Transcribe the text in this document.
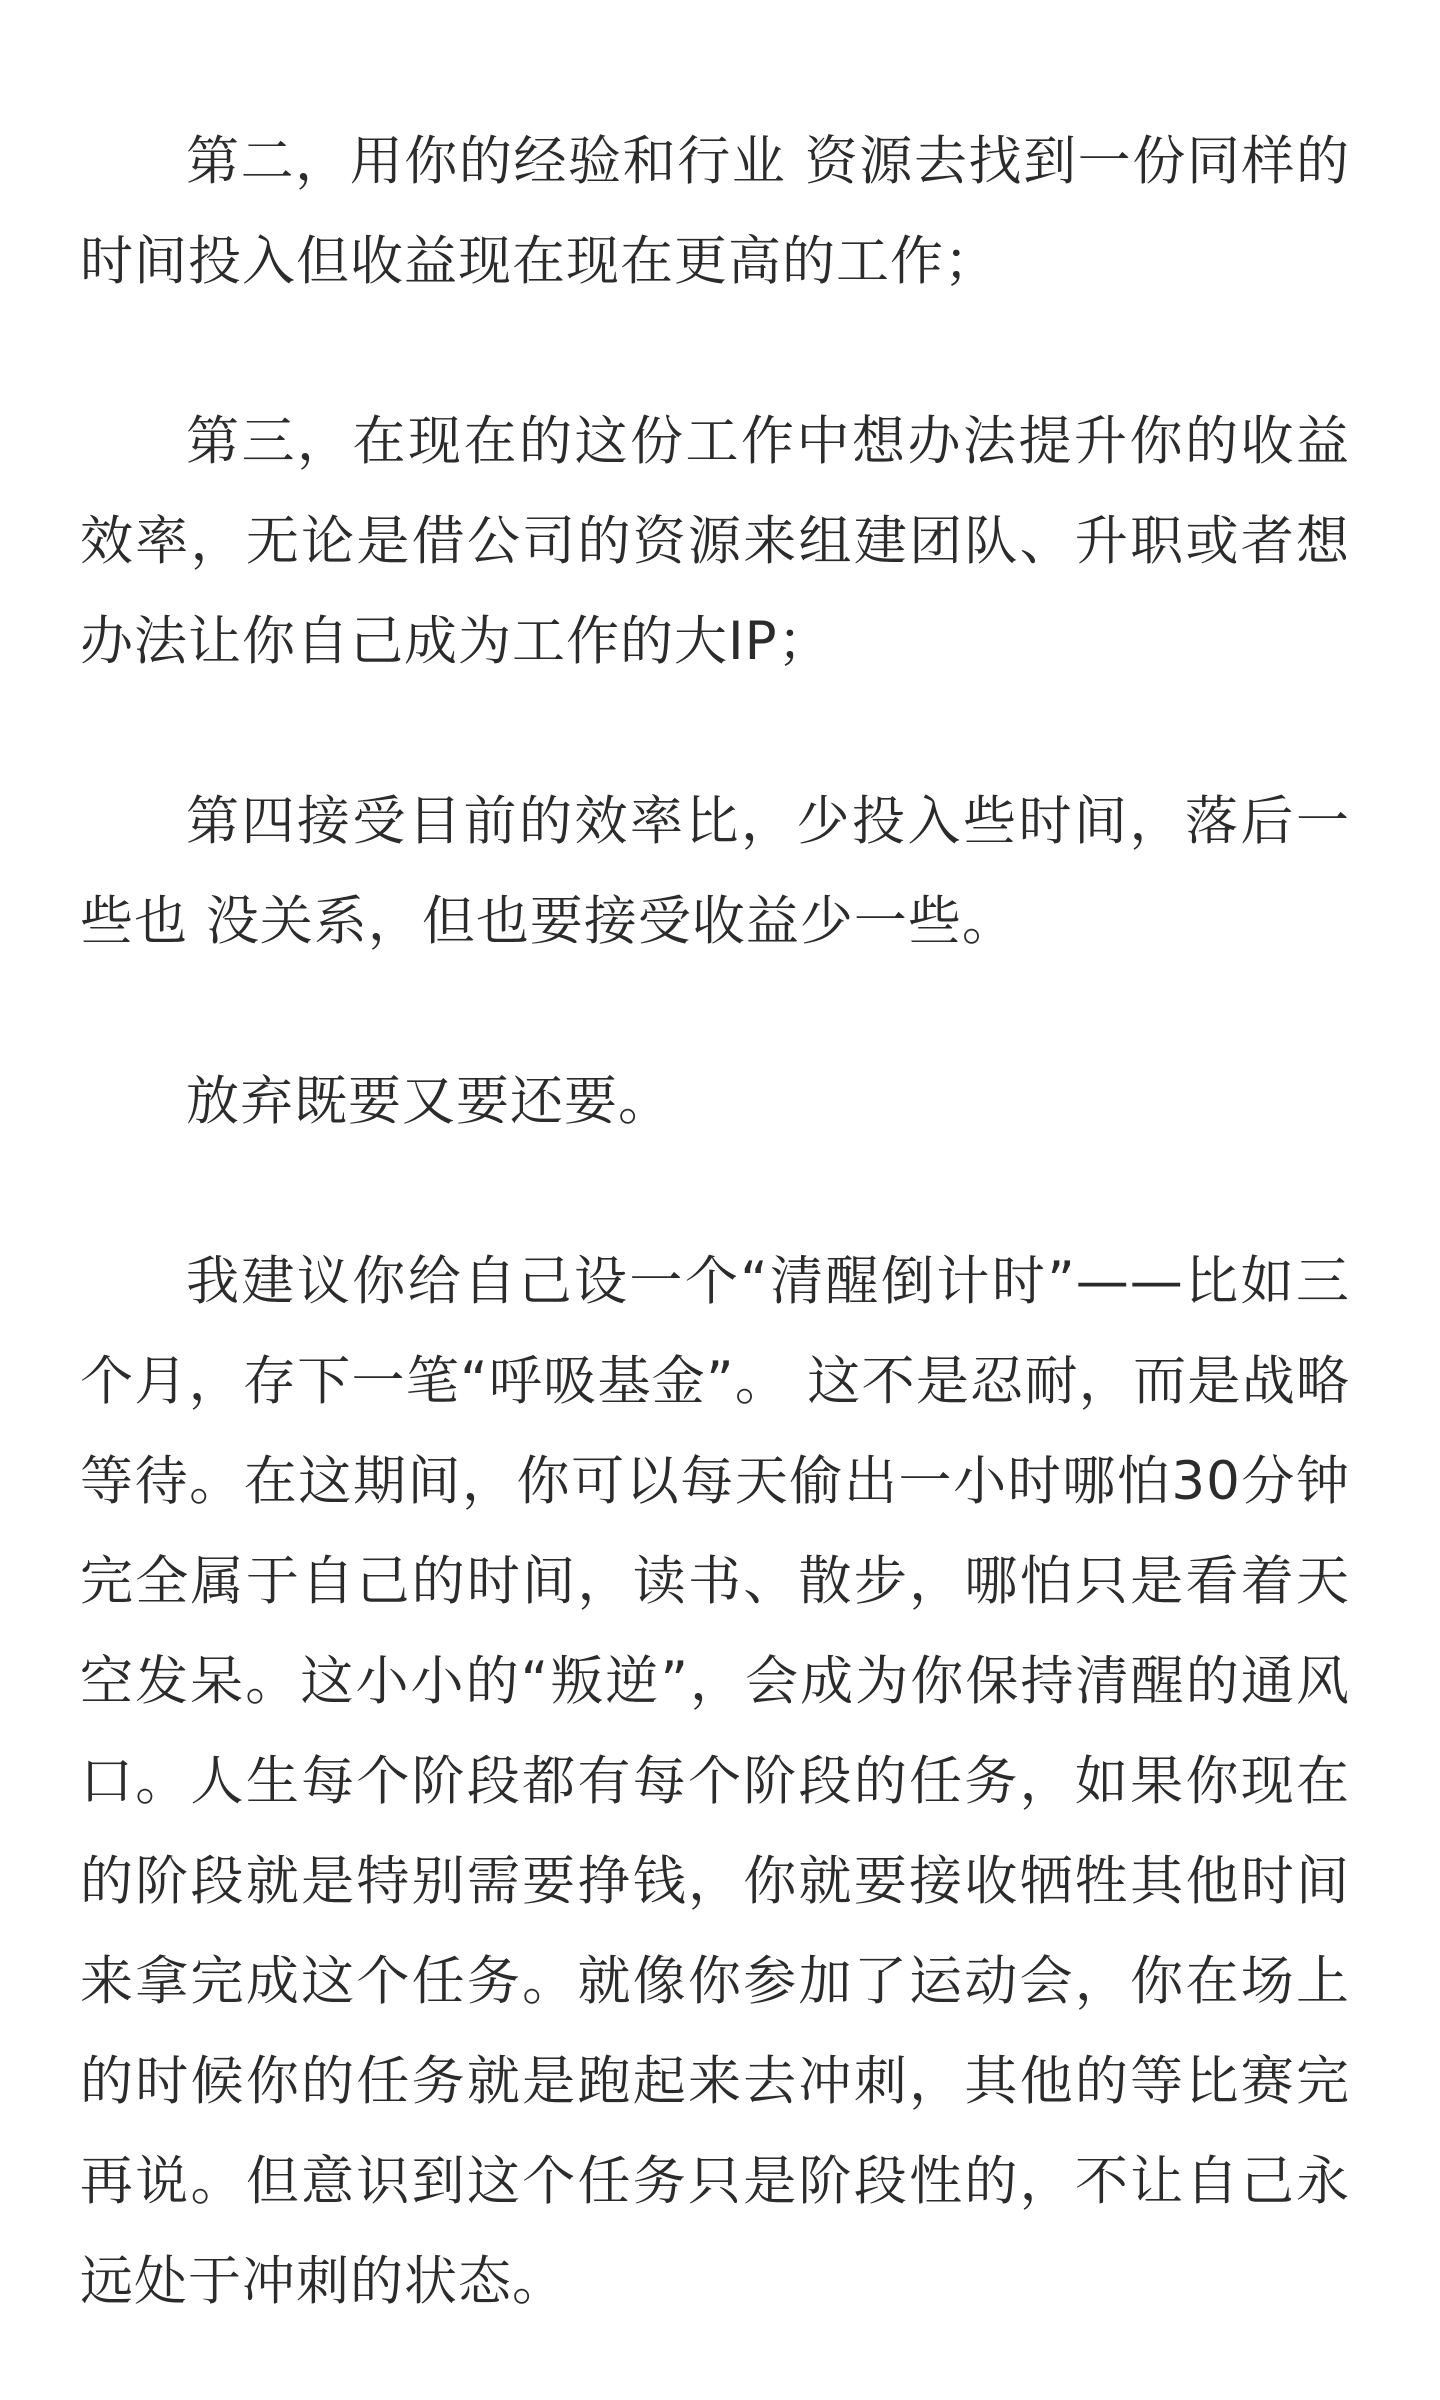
第二，用你的经验和行业 资源去找到一份同样的时间投入但收益现在现在更高的工作；

第三，在现在的这份工作中想办法提升你的收益效率，无论是借公司的资源来组建团队、升职或者想办法让你自己成为工作的大IP；

第四接受目前的效率比，少投入些时间，落后一些也 没关系，但也要接受收益少一些。

放弃既要又要还要。

我建议你给自己设一个“清醒倒计时”——比如三个月，存下一笔“呼吸基金”。 这不是忍耐，而是战略等待。在这期间，你可以每天偷出一小时哪怕30分钟完全属于自己的时间，读书、散步，哪怕只是看着天空发呆。这小小的“叛逆”，会成为你保持清醒的通风口。人生每个阶段都有每个阶段的任务，如果你现在的阶段就是特别需要挣钱，你就要接收牺牲其他时间来拿完成这个任务。就像你参加了运动会，你在场上的时候你的任务就是跑起来去冲刺，其他的等比赛完再说。但意识到这个任务只是阶段性的，不让自己永远处于冲刺的状态。
